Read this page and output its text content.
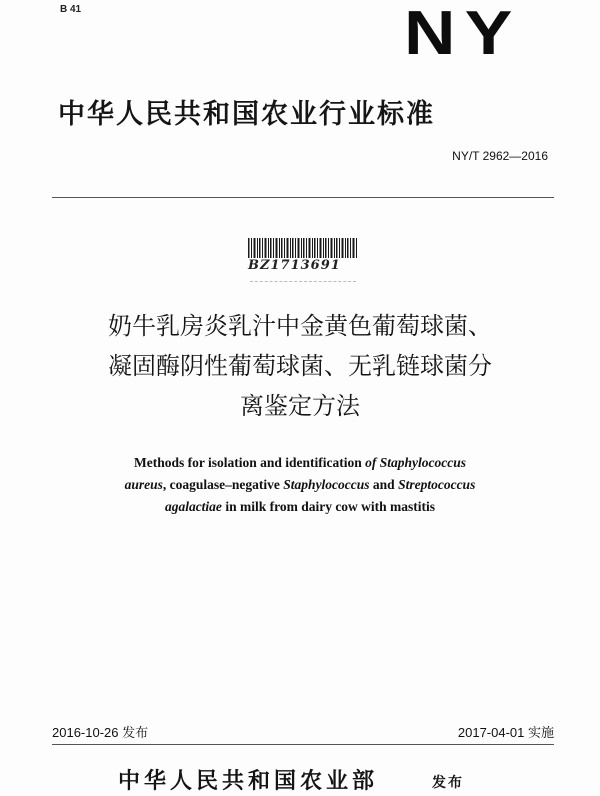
B 41	NY
中华人民共和国农业行业标准
NY/T 2962—2016
BZ1713691
奶牛乳房炎乳汁中金黄色葡萄球菌、
凝固酶阴性葡萄球菌、无乳链球菌分
离鉴定方法
Methods for isolation and identification of Staphylococcus
aureus, coagulase–negative Staphylococcus and Streptococcus
agalactiae in milk from dairy cow with mastitis
2016-10-26 发布	2017-04-01 实施
中华人民共和国农业部	发布
